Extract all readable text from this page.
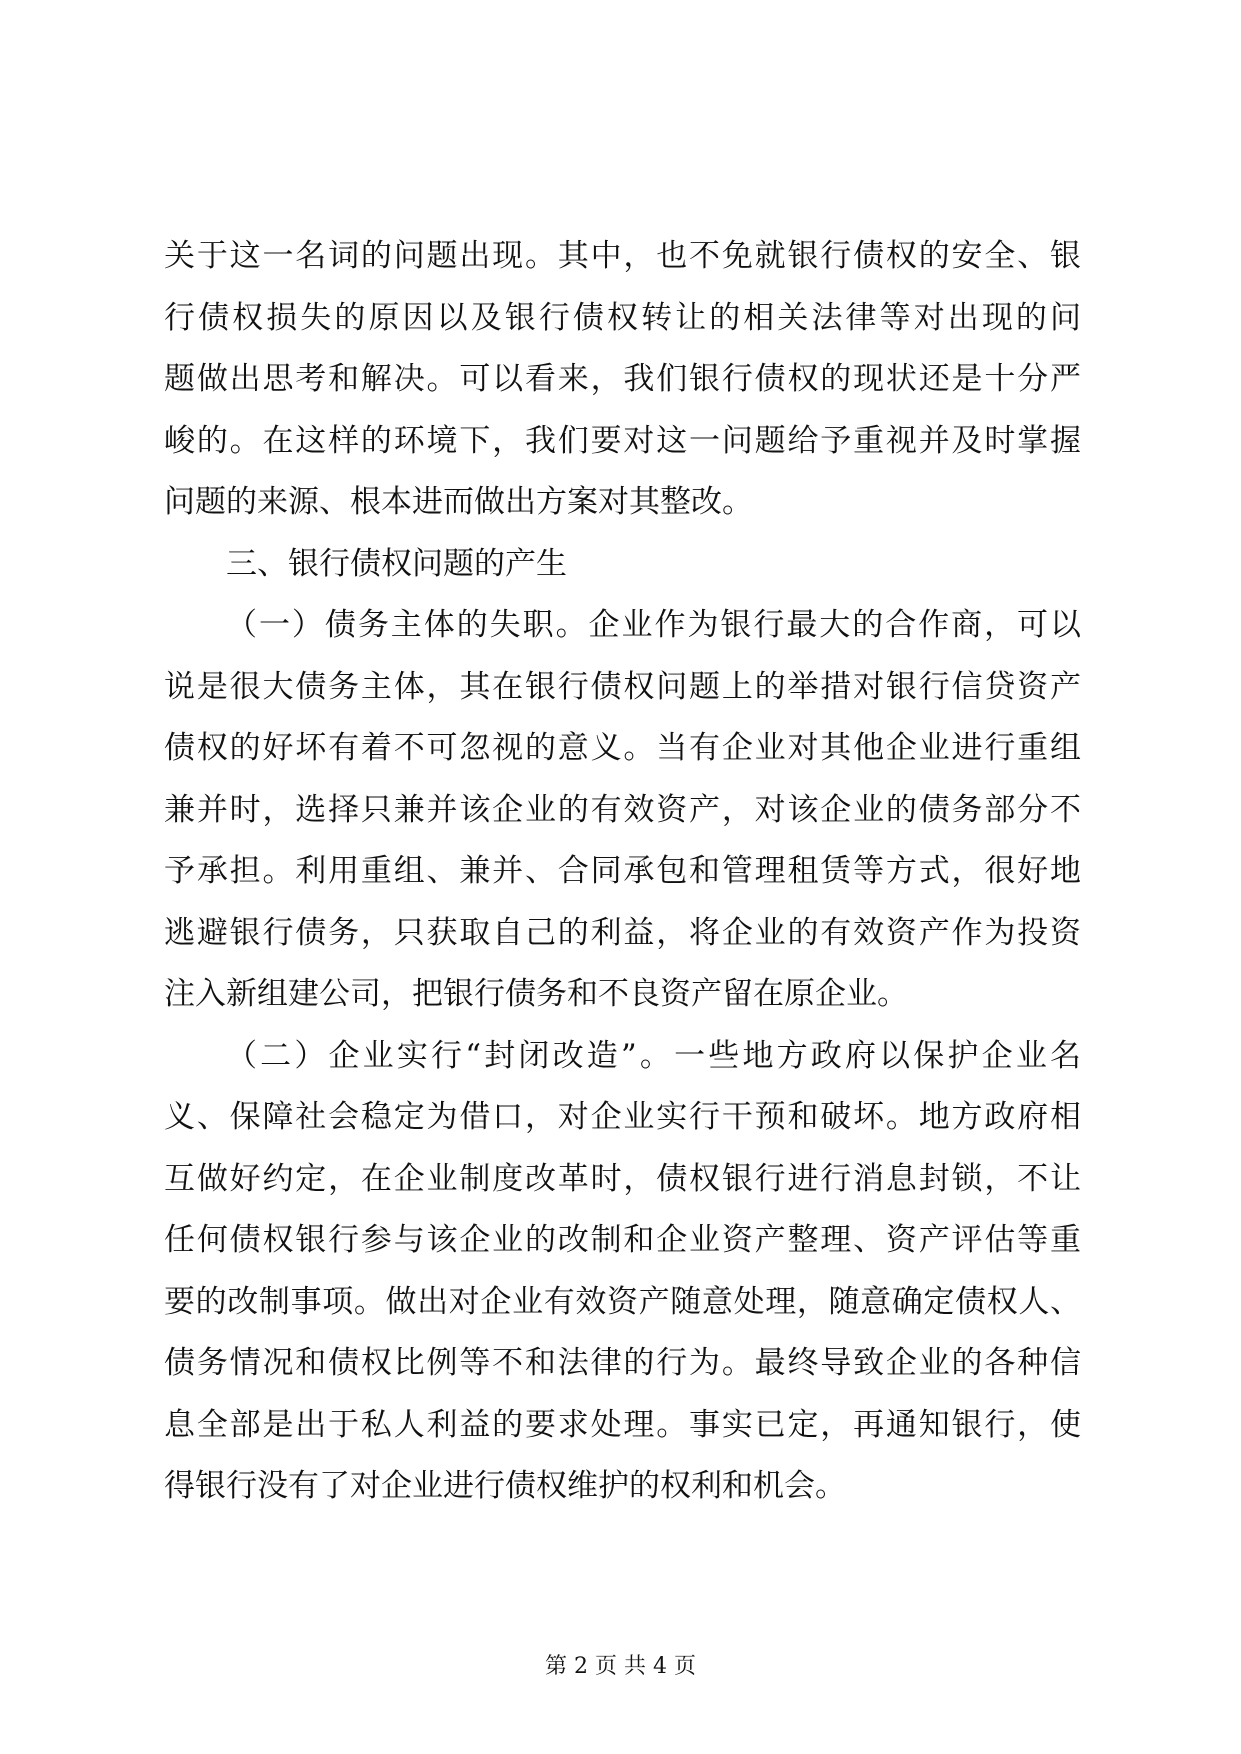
关于这一名词的问题出现。其中，也不免就银行债权的安全、银
行债权损失的原因以及银行债权转让的相关法律等对出现的问
题做出思考和解决。可以看来，我们银行债权的现状还是十分严
峻的。在这样的环境下，我们要对这一问题给予重视并及时掌握
问题的来源、根本进而做出方案对其整改。
三、银行债权问题的产生
（一）债务主体的失职。企业作为银行最大的合作商，可以
说是很大债务主体，其在银行债权问题上的举措对银行信贷资产
债权的好坏有着不可忽视的意义。当有企业对其他企业进行重组
兼并时，选择只兼并该企业的有效资产，对该企业的债务部分不
予承担。利用重组、兼并、合同承包和管理租赁等方式，很好地
逃避银行债务，只获取自己的利益，将企业的有效资产作为投资
注入新组建公司，把银行债务和不良资产留在原企业。
（二）企业实行“封闭改造”。一些地方政府以保护企业名
义、保障社会稳定为借口，对企业实行干预和破坏。地方政府相
互做好约定，在企业制度改革时，债权银行进行消息封锁，不让
任何债权银行参与该企业的改制和企业资产整理、资产评估等重
要的改制事项。做出对企业有效资产随意处理，随意确定债权人、
债务情况和债权比例等不和法律的行为。最终导致企业的各种信
息全部是出于私人利益的要求处理。事实已定，再通知银行，使
得银行没有了对企业进行债权维护的权利和机会。
第 2 页 共 4 页
